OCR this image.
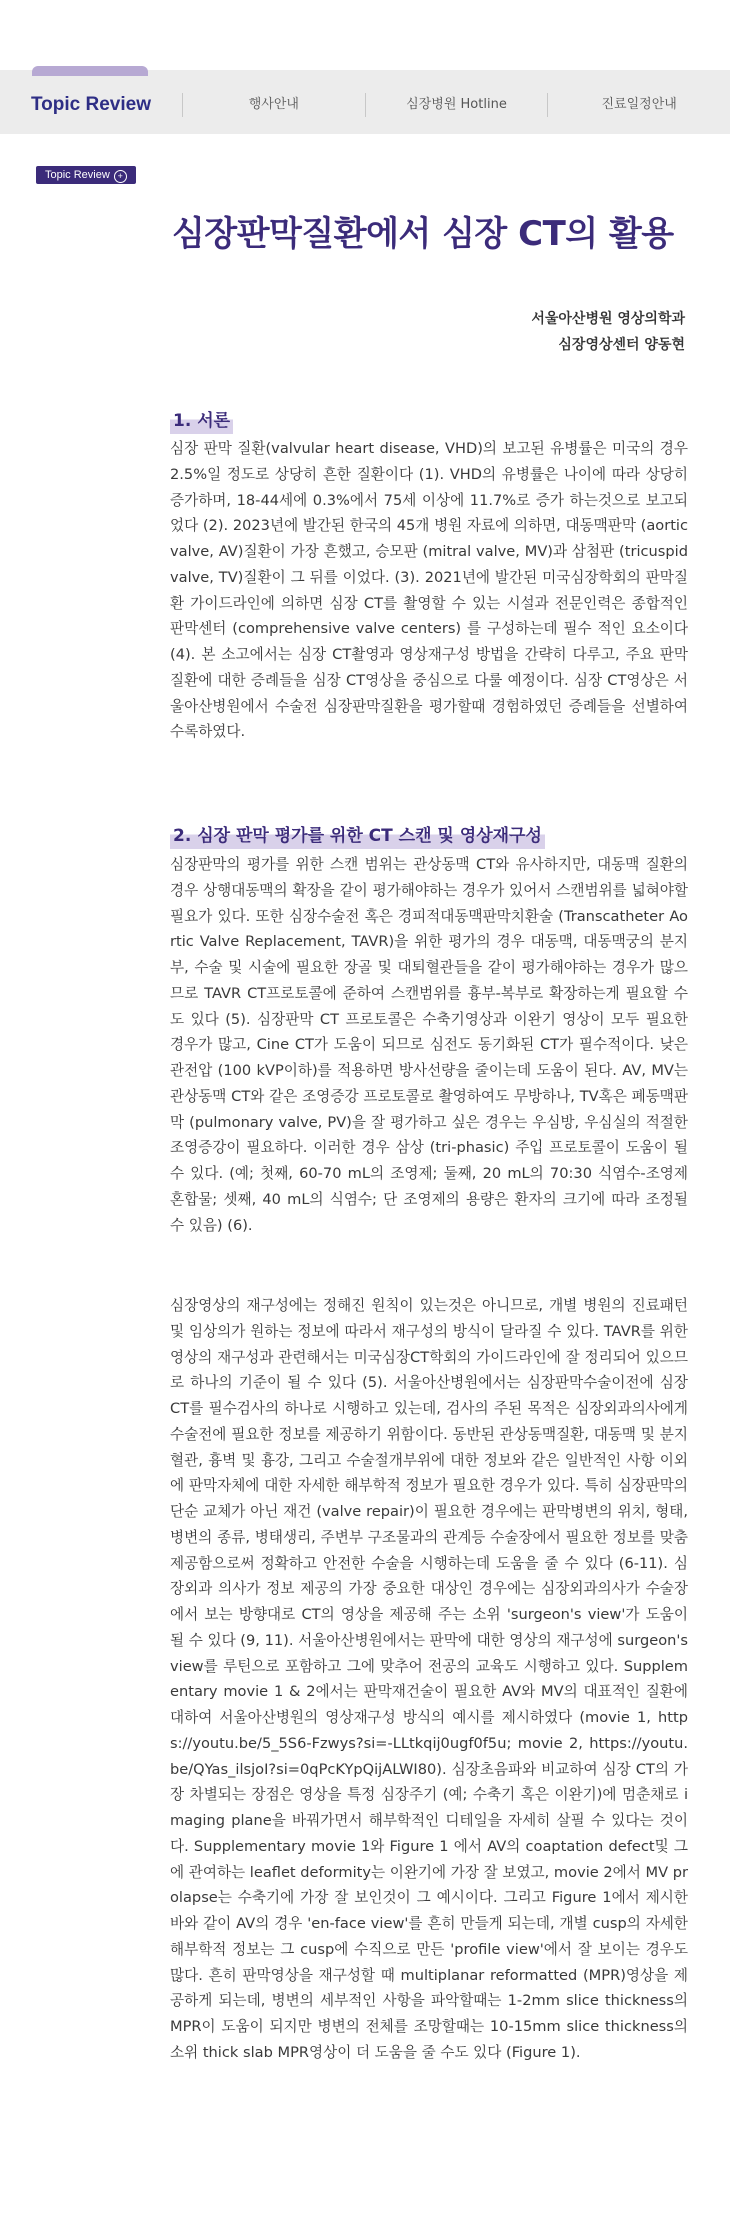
Topic Review	행사안내	심장병원 Hotline	진료일정안내
Topic Review +
심장판막질환에서 심장 CT의 활용
서울아산병원 영상의학과
심장영상센터 양동현
1. 서론

심장 판막 질환(valvular heart disease, VHD)의 보고된 유병률은 미국의 경우 2.5%일 정도로 상당히 흔한 질환이다 (1). VHD의 유병률은 나이에 따라 상당히 증가하며, 18-44세에 0.3%에서 75세 이상에 11.7%로 증가 하는것으로 보고되었다 (2). 2023년에 발간된 한국의 45개 병원 자료에 의하면, 대동맥판막 (aortic valve, AV)질환이 가장 흔했고, 승모판 (mitral valve, MV)과 삼첨판 (tricuspid valve, TV)질환이 그 뒤를 이었다. (3). 2021년에 발간된 미국심장학회의 판막질환 가이드라인에 의하면 심장 CT를 촬영할 수 있는 시설과 전문인력은 종합적인 판막센터 (comprehensive valve centers) 를 구성하는데 필수 적인 요소이다 (4). 본 소고에서는 심장 CT촬영과 영상재구성 방법을 간략히 다루고, 주요 판막질환에 대한 증례들을 심장 CT영상을 중심으로 다룰 예정이다. 심장 CT영상은 서울아산병원에서 수술전 심장판막질환을 평가할때 경험하였던 증례들을 선별하여 수록하였다.

2. 심장 판막 평가를 위한 CT 스캔 및 영상재구성

심장판막의 평가를 위한 스캔 범위는 관상동맥 CT와 유사하지만, 대동맥 질환의 경우 상행대동맥의 확장을 같이 평가해야하는 경우가 있어서 스캔범위를 넓혀야할 필요가 있다. 또한 심장수술전 혹은 경피적대동맥판막치환술 (Transcatheter Aortic Valve Replacement, TAVR)을 위한 평가의 경우 대동맥, 대동맥궁의 분지부, 수술 및 시술에 필요한 장골 및 대퇴혈관들을 같이 평가해야하는 경우가 많으므로 TAVR CT프로토콜에 준하여 스캔범위를 흉부-복부로 확장하는게 필요할 수도 있다 (5). 심장판막 CT 프로토콜은 수축기영상과 이완기 영상이 모두 필요한 경우가 많고, Cine CT가 도움이 되므로 심전도 동기화된 CT가 필수적이다. 낮은 관전압 (100 kVP이하)를 적용하면 방사선량을 줄이는데 도움이 된다. AV, MV는 관상동맥 CT와 같은 조영증강 프로토콜로 촬영하여도 무방하나, TV혹은 폐동맥판막 (pulmonary valve, PV)을 잘 평가하고 싶은 경우는 우심방, 우심실의 적절한 조영증강이 필요하다. 이러한 경우 삼상 (tri-phasic) 주입 프로토콜이 도움이 될 수 있다. (예; 첫째, 60-70 mL의 조영제; 둘째, 20 mL의 70:30 식염수-조영제 혼합물; 셋째, 40 mL의 식염수; 단 조영제의 용량은 환자의 크기에 따라 조정될 수 있음) (6).

심장영상의 재구성에는 정해진 원칙이 있는것은 아니므로, 개별 병원의 진료패턴 및 임상의가 원하는 정보에 따라서 재구성의 방식이 달라질 수 있다. TAVR를 위한 영상의 재구성과 관련해서는 미국심장CT학회의 가이드라인에 잘 정리되어 있으므로 하나의 기준이 될 수 있다 (5). 서울아산병원에서는 심장판막수술이전에 심장 CT를 필수검사의 하나로 시행하고 있는데, 검사의 주된 목적은 심장외과의사에게 수술전에 필요한 정보를 제공하기 위함이다. 동반된 관상동맥질환, 대동맥 및 분지혈관, 흉벽 및 흉강, 그리고 수술절개부위에 대한 정보와 같은 일반적인 사항 이외에 판막자체에 대한 자세한 해부학적 정보가 필요한 경우가 있다. 특히 심장판막의 단순 교체가 아닌 재건 (valve repair)이 필요한 경우에는 판막병변의 위치, 형태, 병변의 종류, 병태생리, 주변부 구조물과의 관계등 수술장에서 필요한 정보를 맞춤 제공함으로써 정확하고 안전한 수술을 시행하는데 도움을 줄 수 있다 (6-11). 심장외과 의사가 정보 제공의 가장 중요한 대상인 경우에는 심장외과의사가 수술장에서 보는 방향대로 CT의 영상을 제공해 주는 소위 'surgeon's view'가 도움이 될 수 있다 (9, 11). 서울아산병원에서는 판막에 대한 영상의 재구성에 surgeon's view를 루틴으로 포함하고 그에 맞추어 전공의 교육도 시행하고 있다. Supplementary movie 1 & 2에서는 판막재건술이 필요한 AV와 MV의 대표적인 질환에 대하여 서울아산병원의 영상재구성 방식의 예시를 제시하였다 (movie 1, https://youtu.be/5_5S6-Fzwys?si=-LLtkqij0ugf0f5u; movie 2, https://youtu.be/QYas_ilsjoI?si=0qPcKYpQijALWI80). 심장초음파와 비교하여 심장 CT의 가장 차별되는 장점은 영상을 특정 심장주기 (예; 수축기 혹은 이완기)에 멈춘채로 imaging plane을 바꿔가면서 해부학적인 디테일을 자세히 살필 수 있다는 것이다. Supplementary movie 1와 Figure 1 에서 AV의 coaptation defect및 그에 관여하는 leaflet deformity는 이완기에 가장 잘 보였고, movie 2에서 MV prolapse는 수축기에 가장 잘 보인것이 그 예시이다. 그리고 Figure 1에서 제시한 바와 같이 AV의 경우 'en-face view'를 흔히 만들게 되는데, 개별 cusp의 자세한 해부학적 정보는 그 cusp에 수직으로 만든 'profile view'에서 잘 보이는 경우도 많다. 흔히 판막영상을 재구성할 때 multiplanar reformatted (MPR)영상을 제공하게 되는데, 병변의 세부적인 사항을 파악할때는 1-2mm slice thickness의 MPR이 도움이 되지만 병변의 전체를 조망할때는 10-15mm slice thickness의 소위 thick slab MPR영상이 더 도움을 줄 수도 있다 (Figure 1).
